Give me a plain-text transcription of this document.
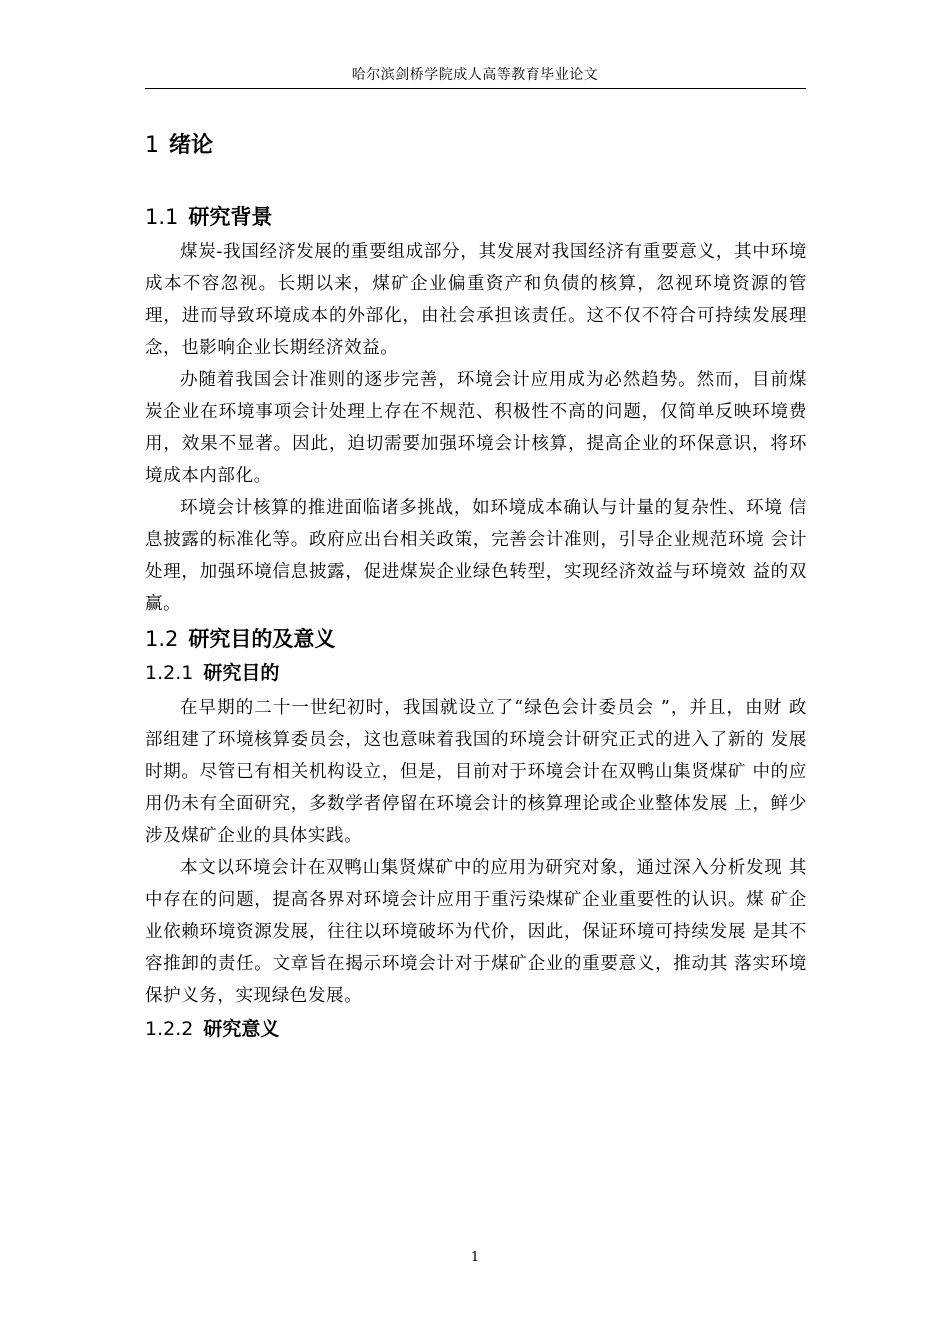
哈尔滨剑桥学院成人高等教育毕业论文
1 绪论
1.1 研究背景

煤炭-我国经济发展的重要组成部分，其发展对我国经济有重要意义，其中环境成本不容忽视。长期以来，煤矿企业偏重资产和负债的核算，忽视环境资源的管理，进而导致环境成本的外部化，由社会承担该责任。这不仅不符合可持续发展理念，也影响企业长期经济效益。

办随着我国会计准则的逐步完善，环境会计应用成为必然趋势。然而，目前煤炭企业在环境事项会计处理上存在不规范、积极性不高的问题，仅简单反映环境费用，效果不显著。因此，迫切需要加强环境会计核算，提高企业的环保意识，将环境成本内部化。

环境会计核算的推进面临诸多挑战，如环境成本确认与计量的复杂性、环境 信息披露的标准化等。政府应出台相关政策，完善会计准则，引导企业规范环境 会计处理，加强环境信息披露，促进煤炭企业绿色转型，实现经济效益与环境效 益的双赢。

1.2 研究目的及意义
1.2.1 研究目的

在早期的二十一世纪初时，我国就设立了“绿色会计委员会 ”，并且，由财 政部组建了环境核算委员会，这也意味着我国的环境会计研究正式的进入了新的 发展时期。尽管已有相关机构设立，但是，目前对于环境会计在双鸭山集贤煤矿 中的应用仍未有全面研究，多数学者停留在环境会计的核算理论或企业整体发展 上，鲜少涉及煤矿企业的具体实践。

本文以环境会计在双鸭山集贤煤矿中的应用为研究对象，通过深入分析发现 其中存在的问题，提高各界对环境会计应用于重污染煤矿企业重要性的认识。煤 矿企业依赖环境资源发展，往往以环境破坏为代价，因此，保证环境可持续发展 是其不容推卸的责任。文章旨在揭示环境会计对于煤矿企业的重要意义，推动其 落实环境保护义务，实现绿色发展。

1.2.2 研究意义
1
